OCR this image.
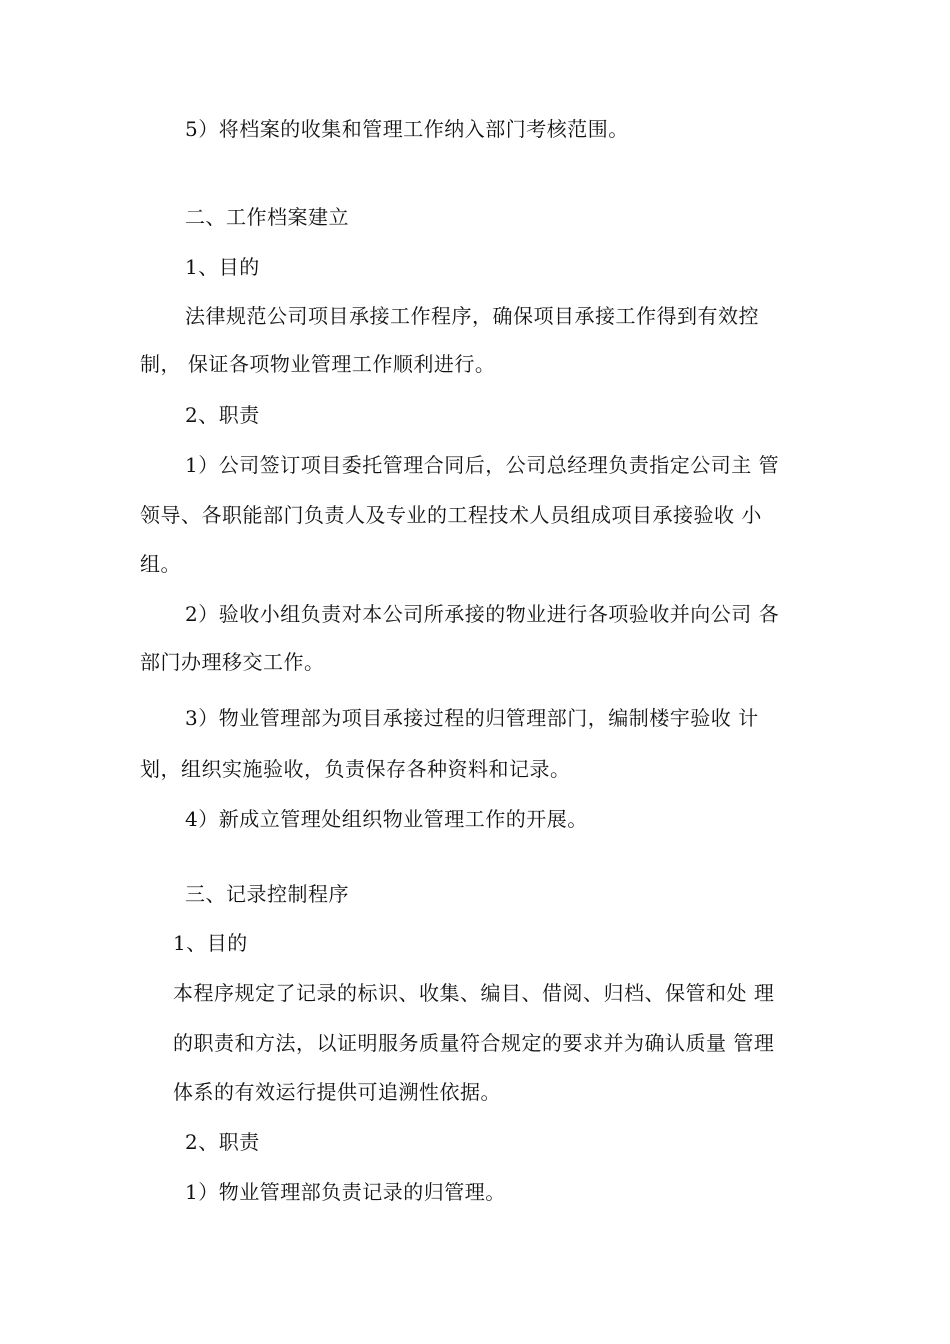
5）将档案的收集和管理工作纳入部门考核范围。
二、工作档案建立
1、目的
法律规范公司项目承接工作程序，确保项目承接工作得到有效控
制， 保证各项物业管理工作顺利进行。
2、职责
1）公司签订项目委托管理合同后，公司总经理负责指定公司主 管
领导、各职能部门负责人及专业的工程技术人员组成项目承接验收 小
组。
2）验收小组负责对本公司所承接的物业进行各项验收并向公司 各
部门办理移交工作。
3）物业管理部为项目承接过程的归管理部门，编制楼宇验收 计
划，组织实施验收，负责保存各种资料和记录。
4）新成立管理处组织物业管理工作的开展。
三、记录控制程序
1、目的
本程序规定了记录的标识、收集、编目、借阅、归档、保管和处 理
的职责和方法，以证明服务质量符合规定的要求并为确认质量 管理
体系的有效运行提供可追溯性依据。
2、职责
1）物业管理部负责记录的归管理。
